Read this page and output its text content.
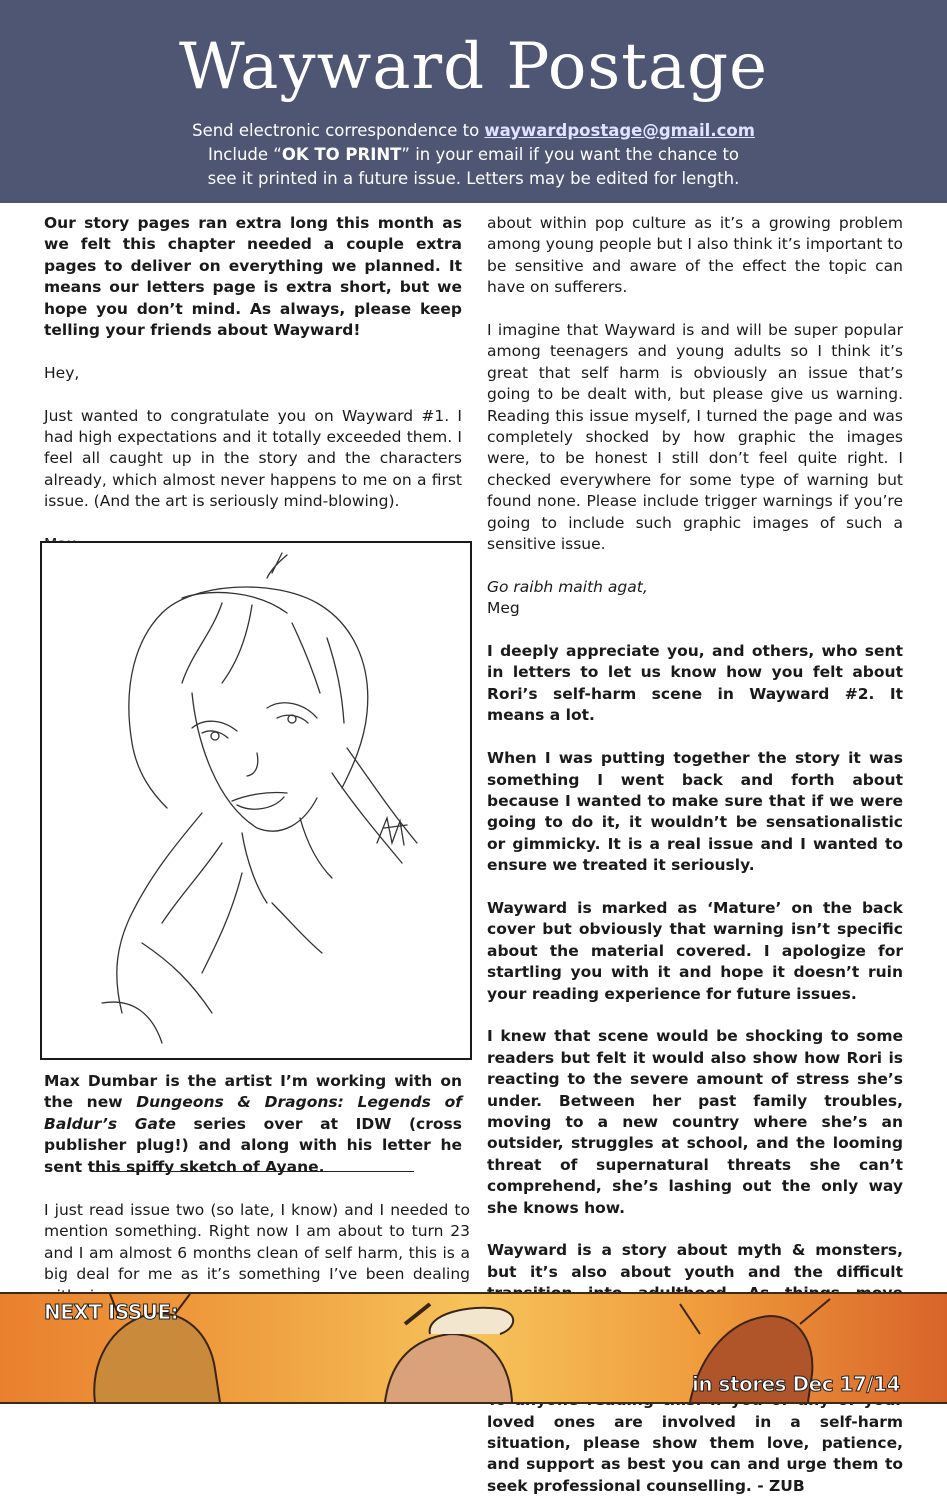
Wayward Postage
Send electronic correspondence to waywardpostage@gmail.com
Include “OK TO PRINT” in your email if you want the chance to
see it printed in a future issue. Letters may be edited for length.

Our story pages ran extra long this month as we felt this chapter needed a couple extra pages to deliver on everything we planned. It means our letters page is extra short, but we hope you don’t mind. As always, please keep telling your friends about Wayward!

Hey,

Just wanted to congratulate you on Wayward #1. I had high expectations and it totally exceeded them. I feel all caught up in the story and the characters already, which almost never happens to me on a first issue. (And the art is seriously mind-blowing).

Max Dumbar is the artist I’m working with on the new Dungeons & Dragons: Legends of Baldur’s Gate series over at IDW (cross publisher plug!) and along with his letter he sent this spiffy sketch of Ayane.

I just read issue two (so late, I know) and I needed to mention something. Right now I am about to turn 23 and I am almost 6 months clean of self harm, this is a big deal for me as it’s something I’ve been dealing

about within pop culture as it’s a growing problem among young people but I also think it’s important to be sensitive and aware of the effect the topic can have on sufferers.

I imagine that Wayward is and will be super popular among teenagers and young adults so I think it’s great that self harm is obviously an issue that’s going to be dealt with, but please give us warning. Reading this issue myself, I turned the page and was completely shocked by how graphic the images were, to be honest I still don’t feel quite right. I checked everywhere for some type of warning but found none. Please include trigger warnings if you’re going to include such graphic images of such a sensitive issue.

Go raibh maith agat,

Meg

I deeply appreciate you, and others, who sent in letters to let us know how you felt about Rori’s self-harm scene in Wayward #2. It means a lot.

When I was putting together the story it was something I went back and forth about because I wanted to make sure that if we were going to do it, it wouldn’t be sensationalistic or gimmicky. It is a real issue and I wanted to ensure we treated it seriously.

Wayward is marked as ‘Mature’ on the back cover but obviously that warning isn’t specific about the material covered. I apologize for startling you with it and hope it doesn’t ruin your reading experience for future issues.

I knew that scene would be shocking to some readers but felt it would also show how Rori is reacting to the severe amount of stress she’s under. Between her past family troubles, moving to a new country where she’s an outsider, struggles at school, and the looming threat of supernatural threats she can’t comprehend, she’s lashing out the only way she knows how.

Wayward is a story about myth & monsters, but it’s also about youth and the difficult

loved ones are involved in a self-harm situation, please show them love, patience, and support as best you can and urge them to seek professional counselling. - ZUB

NEXT ISSUE:
in stores Dec 17/14
